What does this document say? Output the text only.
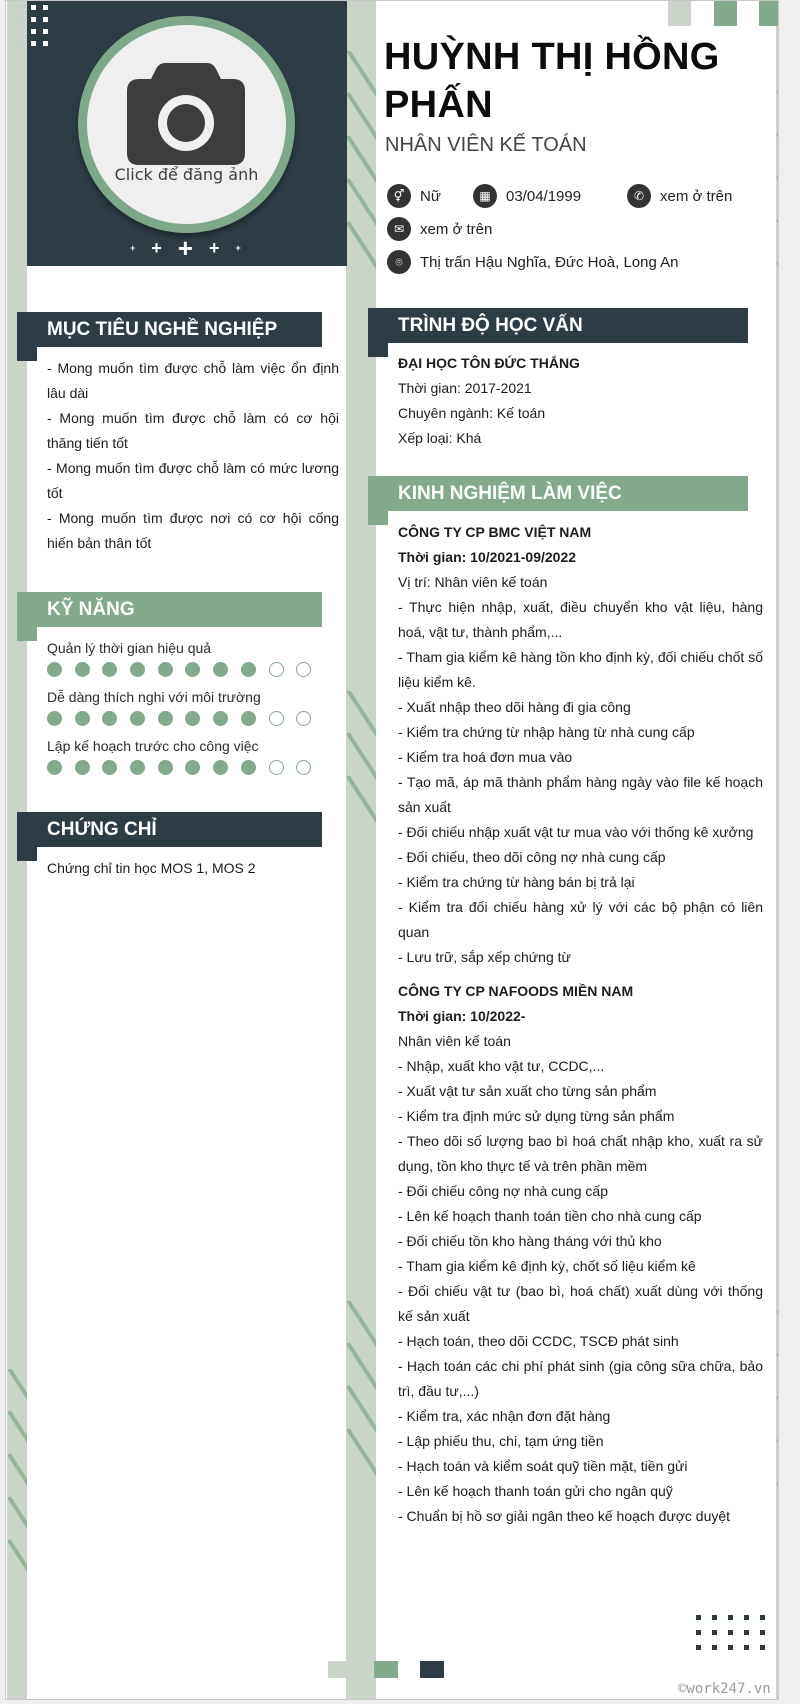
Click để đăng ảnh
+ + + + +
HUỲNH THỊ HỒNG PHẤN
NHÂN VIÊN KẾ TOÁN
⚥	Nữ	▦	03/04/1999	✆	xem ở trên
✉	xem ở trên
⌾	Thị trấn Hậu Nghĩa, Đức Hoà, Long An
MỤC TIÊU NGHỀ NGHIỆP

- Mong muốn tìm được chỗ làm việc ổn định lâu dài

- Mong muốn tìm được chỗ làm có cơ hội thăng tiến tốt

- Mong muốn tìm được chỗ làm có mức lương tốt

- Mong muốn tìm được nơi có cơ hội cống hiến bản thân tốt

KỸ NĂNG
Quản lý thời gian hiệu quả
Dễ dàng thích nghi với môi trường
Lập kế hoạch trước cho công việc
CHỨNG CHỈ

Chứng chỉ tin học MOS 1, MOS 2

TRÌNH ĐỘ HỌC VẤN

ĐẠI HỌC TÔN ĐỨC THẮNG

Thời gian: 2017-2021

Chuyên ngành: Kế toán

Xếp loại: Khá

KINH NGHIỆM LÀM VIỆC

CÔNG TY CP BMC VIỆT NAM

Thời gian: 10/2021-09/2022

Vị trí: Nhân viên kế toán

- Thực hiện nhập, xuất, điều chuyển kho vật liệu, hàng hoá, vật tư, thành phẩm,...

- Tham gia kiểm kê hàng tồn kho định kỳ, đối chiếu chốt số liệu kiểm kê.

- Xuất nhập theo dõi hàng đi gia công

- Kiểm tra chứng từ nhập hàng từ nhà cung cấp

- Kiểm tra hoá đơn mua vào

- Tạo mã, áp mã thành phẩm hàng ngày vào file kế hoạch sản xuất

- Đối chiếu nhập xuất vật tư mua vào với thống kê xưởng

- Đối chiếu, theo dõi công nợ nhà cung cấp

- Kiểm tra chứng từ hàng bán bị trả lại

- Kiểm tra đối chiếu hàng xử lý với các bộ phận có liên quan

- Lưu trữ, sắp xếp chứng từ

CÔNG TY CP NAFOODS MIỀN NAM

Thời gian: 10/2022-

Nhân viên kế toán

- Nhập, xuất kho vật tư, CCDC,...

- Xuất vật tư sản xuất cho từng sản phẩm

- Kiểm tra định mức sử dụng từng sản phẩm

- Theo dõi số lượng bao bì hoá chất nhập kho, xuất ra sử dụng, tồn kho thực tế và trên phần mềm

- Đối chiếu công nợ nhà cung cấp

- Lên kế hoạch thanh toán tiền cho nhà cung cấp

- Đối chiếu tồn kho hàng tháng với thủ kho

- Tham gia kiểm kê định kỳ, chốt số liệu kiểm kê

- Đối chiếu vật tư (bao bì, hoá chất) xuất dùng với thống kế sản xuất

- Hạch toán, theo dõi CCDC, TSCĐ phát sinh

- Hạch toán các chi phí phát sinh (gia công sữa chữa, bảo trì, đầu tư,...)

- Kiểm tra, xác nhận đơn đặt hàng

- Lập phiếu thu, chi, tạm ứng tiền

- Hạch toán và kiểm soát quỹ tiền mặt, tiền gửi

- Lên kế hoạch thanh toán gửi cho ngân quỹ

- Chuẩn bị hồ sơ giải ngân theo kế hoạch được duyệt

©work247.vn
